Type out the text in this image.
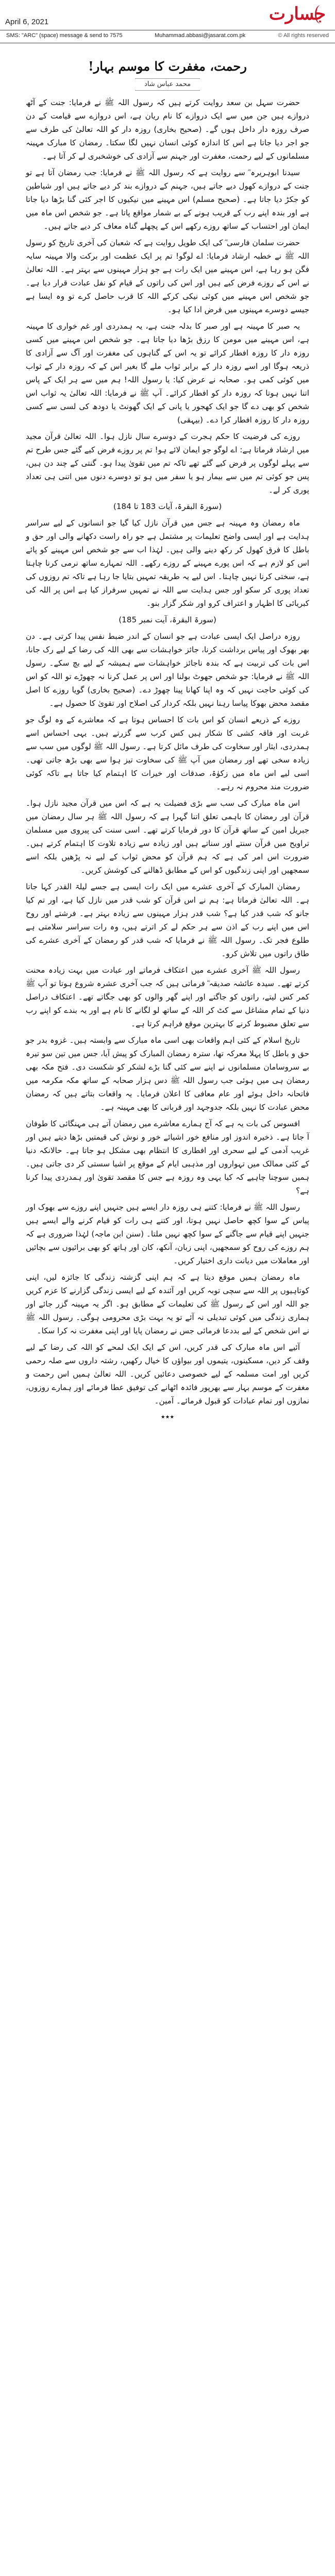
جسارت
April 6, 2021
SMS: "ARC" (space) message & send to 7575	Muhammad.abbasi@jasarat.com.pk	© All rights reserved
رحمت، مغفرت کا موسم بہار!
محمد عباس شاد

حضرت سہل بن سعد روایت کرتے ہیں کہ رسول اللہ ﷺ نے فرمایا: جنت کے آٹھ دروازے ہیں جن میں سے ایک دروازے کا نام ریان ہے، اس دروازے سے قیامت کے دن صرف روزہ دار داخل ہوں گے۔ (صحیح بخاری) روزہ دار کو اللہ تعالیٰ کی طرف سے جو اجر دیا جاتا ہے اس کا اندازہ کوئی انسان نہیں لگا سکتا۔ رمضان کا مبارک مہینہ مسلمانوں کے لیے رحمت، مغفرت اور جہنم سے آزادی کی خوشخبری لے کر آتا ہے۔

سیدنا ابوہریرہ ؓ سے روایت ہے کہ رسول اللہ ﷺ نے فرمایا: جب رمضان آتا ہے تو جنت کے دروازے کھول دیے جاتے ہیں، جہنم کے دروازے بند کر دیے جاتے ہیں اور شیاطین کو جکڑ دیا جاتا ہے۔ (صحیح مسلم) اس مہینے میں نیکیوں کا اجر کئی گنا بڑھا دیا جاتا ہے اور بندہ اپنے رب کے قریب ہونے کے بے شمار مواقع پاتا ہے۔ جو شخص اس ماہ میں ایمان اور احتساب کے ساتھ روزے رکھے اس کے پچھلے گناہ معاف کر دیے جاتے ہیں۔

حضرت سلمان فارسی ؓ کی ایک طویل روایت ہے کہ شعبان کی آخری تاریخ کو رسول اللہ ﷺ نے خطبہ ارشاد فرمایا: اے لوگو! تم پر ایک عظمت اور برکت والا مہینہ سایہ فگن ہو رہا ہے، اس مہینے میں ایک رات ہے جو ہزار مہینوں سے بہتر ہے۔ اللہ تعالیٰ نے اس کے روزے فرض کیے ہیں اور اس کی راتوں کے قیام کو نفل عبادت قرار دیا ہے۔ جو شخص اس مہینے میں کوئی نیکی کرکے اللہ کا قرب حاصل کرے تو وہ ایسا ہے جیسے دوسرے مہینوں میں فرض ادا کیا ہو۔

یہ صبر کا مہینہ ہے اور صبر کا بدلہ جنت ہے، یہ ہمدردی اور غم خواری کا مہینہ ہے، اس مہینے میں مومن کا رزق بڑھا دیا جاتا ہے۔ جو شخص اس مہینے میں کسی روزہ دار کا روزہ افطار کرائے تو یہ اس کے گناہوں کی مغفرت اور آگ سے آزادی کا ذریعہ ہوگا اور اسے روزہ دار کے برابر ثواب ملے گا بغیر اس کے کہ روزہ دار کے ثواب میں کوئی کمی ہو۔ صحابہ نے عرض کیا: یا رسول اللہ! ہم میں سے ہر ایک کے پاس اتنا نہیں ہوتا کہ روزہ دار کو افطار کرائے۔ آپ ﷺ نے فرمایا: اللہ تعالیٰ یہ ثواب اس شخص کو بھی دے گا جو ایک کھجور یا پانی کے ایک گھونٹ یا دودھ کی لسی سے کسی روزہ دار کا روزہ افطار کرا دے۔ (بیہقی)

روزے کی فرضیت کا حکم ہجرت کے دوسرے سال نازل ہوا۔ اللہ تعالیٰ قرآن مجید میں ارشاد فرماتا ہے: اے لوگو جو ایمان لائے ہو! تم پر روزے فرض کیے گئے جس طرح تم سے پہلے لوگوں پر فرض کیے گئے تھے تاکہ تم میں تقویٰ پیدا ہو۔ گنتی کے چند دن ہیں، پس جو کوئی تم میں سے بیمار ہو یا سفر میں ہو تو دوسرے دنوں میں اتنی ہی تعداد پوری کر لے۔

(سورۃ البقرۃ، آیات 183 تا 184)

ماہ رمضان وہ مہینہ ہے جس میں قرآن نازل کیا گیا جو انسانوں کے لیے سراسر ہدایت ہے اور ایسی واضح تعلیمات پر مشتمل ہے جو راہ راست دکھانے والی اور حق و باطل کا فرق کھول کر رکھ دینے والی ہیں۔ لہٰذا اب سے جو شخص اس مہینے کو پائے اس کو لازم ہے کہ اس پورے مہینے کے روزے رکھے۔ اللہ تمہارے ساتھ نرمی کرنا چاہتا ہے، سختی کرنا نہیں چاہتا۔ اس لیے یہ طریقہ تمہیں بتایا جا رہا ہے تاکہ تم روزوں کی تعداد پوری کر سکو اور جس ہدایت سے اللہ نے تمہیں سرفراز کیا ہے اس پر اللہ کی کبریائی کا اظہار و اعتراف کرو اور شکر گزار بنو۔

(سورۃ البقرۃ، آیت نمبر 185)

روزہ دراصل ایک ایسی عبادت ہے جو انسان کے اندر ضبط نفس پیدا کرتی ہے۔ دن بھر بھوک اور پیاس برداشت کرنا، جائز خواہشات سے بھی اللہ کی رضا کے لیے رک جانا، اس بات کی تربیت ہے کہ بندہ ناجائز خواہشات سے ہمیشہ کے لیے بچ سکے۔ رسول اللہ ﷺ نے فرمایا: جو شخص جھوٹ بولنا اور اس پر عمل کرنا نہ چھوڑے تو اللہ کو اس کی کوئی حاجت نہیں کہ وہ اپنا کھانا پینا چھوڑ دے۔ (صحیح بخاری) گویا روزے کا اصل مقصد محض بھوکا پیاسا رہنا نہیں بلکہ کردار کی اصلاح اور تقویٰ کا حصول ہے۔

روزے کے ذریعے انسان کو اس بات کا احساس ہوتا ہے کہ معاشرے کے وہ لوگ جو غربت اور فاقہ کشی کا شکار ہیں کس کرب سے گزرتے ہیں۔ یہی احساس اسے ہمدردی، ایثار اور سخاوت کی طرف مائل کرتا ہے۔ رسول اللہ ﷺ لوگوں میں سب سے زیادہ سخی تھے اور رمضان میں آپ ﷺ کی سخاوت تیز ہوا سے بھی بڑھ جاتی تھی۔ اسی لیے اس ماہ میں زکوٰۃ، صدقات اور خیرات کا اہتمام کیا جاتا ہے تاکہ کوئی ضرورت مند محروم نہ رہے۔

اس ماہ مبارک کی سب سے بڑی فضیلت یہ ہے کہ اس میں قرآن مجید نازل ہوا۔ قرآن اور رمضان کا باہمی تعلق اتنا گہرا ہے کہ رسول اللہ ﷺ ہر سال رمضان میں جبریل امین کے ساتھ قرآن کا دور فرمایا کرتے تھے۔ اسی سنت کی پیروی میں مسلمان تراویح میں قرآن سنتے اور سناتے ہیں اور زیادہ سے زیادہ تلاوت کا اہتمام کرتے ہیں۔ ضرورت اس امر کی ہے کہ ہم قرآن کو محض ثواب کے لیے نہ پڑھیں بلکہ اسے سمجھیں اور اپنی زندگیوں کو اس کے مطابق ڈھالنے کی کوشش کریں۔

رمضان المبارک کے آخری عشرے میں ایک رات ایسی ہے جسے لیلۃ القدر کہا جاتا ہے۔ اللہ تعالیٰ فرماتا ہے: ہم نے اس قرآن کو شب قدر میں نازل کیا ہے، اور تم کیا جانو کہ شب قدر کیا ہے؟ شب قدر ہزار مہینوں سے زیادہ بہتر ہے۔ فرشتے اور روح اس میں اپنے رب کے اذن سے ہر حکم لے کر اترتے ہیں، وہ رات سراسر سلامتی ہے طلوع فجر تک۔ رسول اللہ ﷺ نے فرمایا کہ شب قدر کو رمضان کے آخری عشرے کی طاق راتوں میں تلاش کرو۔

رسول اللہ ﷺ آخری عشرے میں اعتکاف فرماتے اور عبادت میں بہت زیادہ محنت کرتے تھے۔ سیدہ عائشہ صدیقہ ؓ فرماتی ہیں کہ جب آخری عشرہ شروع ہوتا تو آپ ﷺ کمر کس لیتے، راتوں کو جاگتے اور اپنے گھر والوں کو بھی جگاتے تھے۔ اعتکاف دراصل دنیا کے تمام مشاغل سے کٹ کر اللہ کے ساتھ لو لگانے کا نام ہے اور یہ بندے کو اپنے رب سے تعلق مضبوط کرنے کا بہترین موقع فراہم کرتا ہے۔

تاریخ اسلام کے کئی اہم واقعات بھی اسی ماہ مبارک سے وابستہ ہیں۔ غزوہ بدر جو حق و باطل کا پہلا معرکہ تھا، سترہ رمضان المبارک کو پیش آیا، جس میں تین سو تیرہ بے سروسامان مسلمانوں نے اپنے سے کئی گنا بڑے لشکر کو شکست دی۔ فتح مکہ بھی رمضان ہی میں ہوئی جب رسول اللہ ﷺ دس ہزار صحابہ کے ساتھ مکہ مکرمہ میں فاتحانہ داخل ہوئے اور عام معافی کا اعلان فرمایا۔ یہ واقعات بتاتے ہیں کہ رمضان محض عبادت کا نہیں بلکہ جدوجہد اور قربانی کا بھی مہینہ ہے۔

افسوس کی بات یہ ہے کہ آج ہمارے معاشرے میں رمضان آتے ہی مہنگائی کا طوفان آ جاتا ہے۔ ذخیرہ اندوز اور منافع خور اشیائے خور و نوش کی قیمتیں بڑھا دیتے ہیں اور غریب آدمی کے لیے سحری اور افطاری کا انتظام بھی مشکل ہو جاتا ہے۔ حالانکہ دنیا کے کئی ممالک میں تہواروں اور مذہبی ایام کے موقع پر اشیا سستی کر دی جاتی ہیں۔ ہمیں سوچنا چاہیے کہ کیا یہی وہ روزہ ہے جس کا مقصد تقویٰ اور ہمدردی پیدا کرنا ہے؟

رسول اللہ ﷺ نے فرمایا: کتنے ہی روزہ دار ایسے ہیں جنہیں اپنے روزے سے بھوک اور پیاس کے سوا کچھ حاصل نہیں ہوتا، اور کتنے ہی رات کو قیام کرنے والے ایسے ہیں جنہیں اپنے قیام سے جاگنے کے سوا کچھ نہیں ملتا۔ (سنن ابن ماجہ) لہٰذا ضروری ہے کہ ہم روزے کی روح کو سمجھیں، اپنی زبان، آنکھ، کان اور ہاتھ کو بھی برائیوں سے بچائیں اور معاملات میں دیانت داری اختیار کریں۔

ماہ رمضان ہمیں موقع دیتا ہے کہ ہم اپنی گزشتہ زندگی کا جائزہ لیں، اپنی کوتاہیوں پر اللہ سے سچی توبہ کریں اور آئندہ کے لیے ایسی زندگی گزارنے کا عزم کریں جو اللہ اور اس کے رسول ﷺ کی تعلیمات کے مطابق ہو۔ اگر یہ مہینہ گزر جائے اور ہماری زندگی میں کوئی تبدیلی نہ آئے تو یہ بہت بڑی محرومی ہوگی۔ رسول اللہ ﷺ نے اس شخص کے لیے بددعا فرمائی جس نے رمضان پایا اور اپنی مغفرت نہ کرا سکا۔

آئیے اس ماہ مبارک کی قدر کریں، اس کے ایک ایک لمحے کو اللہ کی رضا کے لیے وقف کر دیں، مسکینوں، یتیموں اور بیواؤں کا خیال رکھیں، رشتہ داروں سے صلہ رحمی کریں اور امت مسلمہ کے لیے خصوصی دعائیں کریں۔ اللہ تعالیٰ ہمیں اس رحمت و مغفرت کے موسم بہار سے بھرپور فائدہ اٹھانے کی توفیق عطا فرمائے اور ہمارے روزوں، نمازوں اور تمام عبادات کو قبول فرمائے۔ آمین۔

٭٭٭
